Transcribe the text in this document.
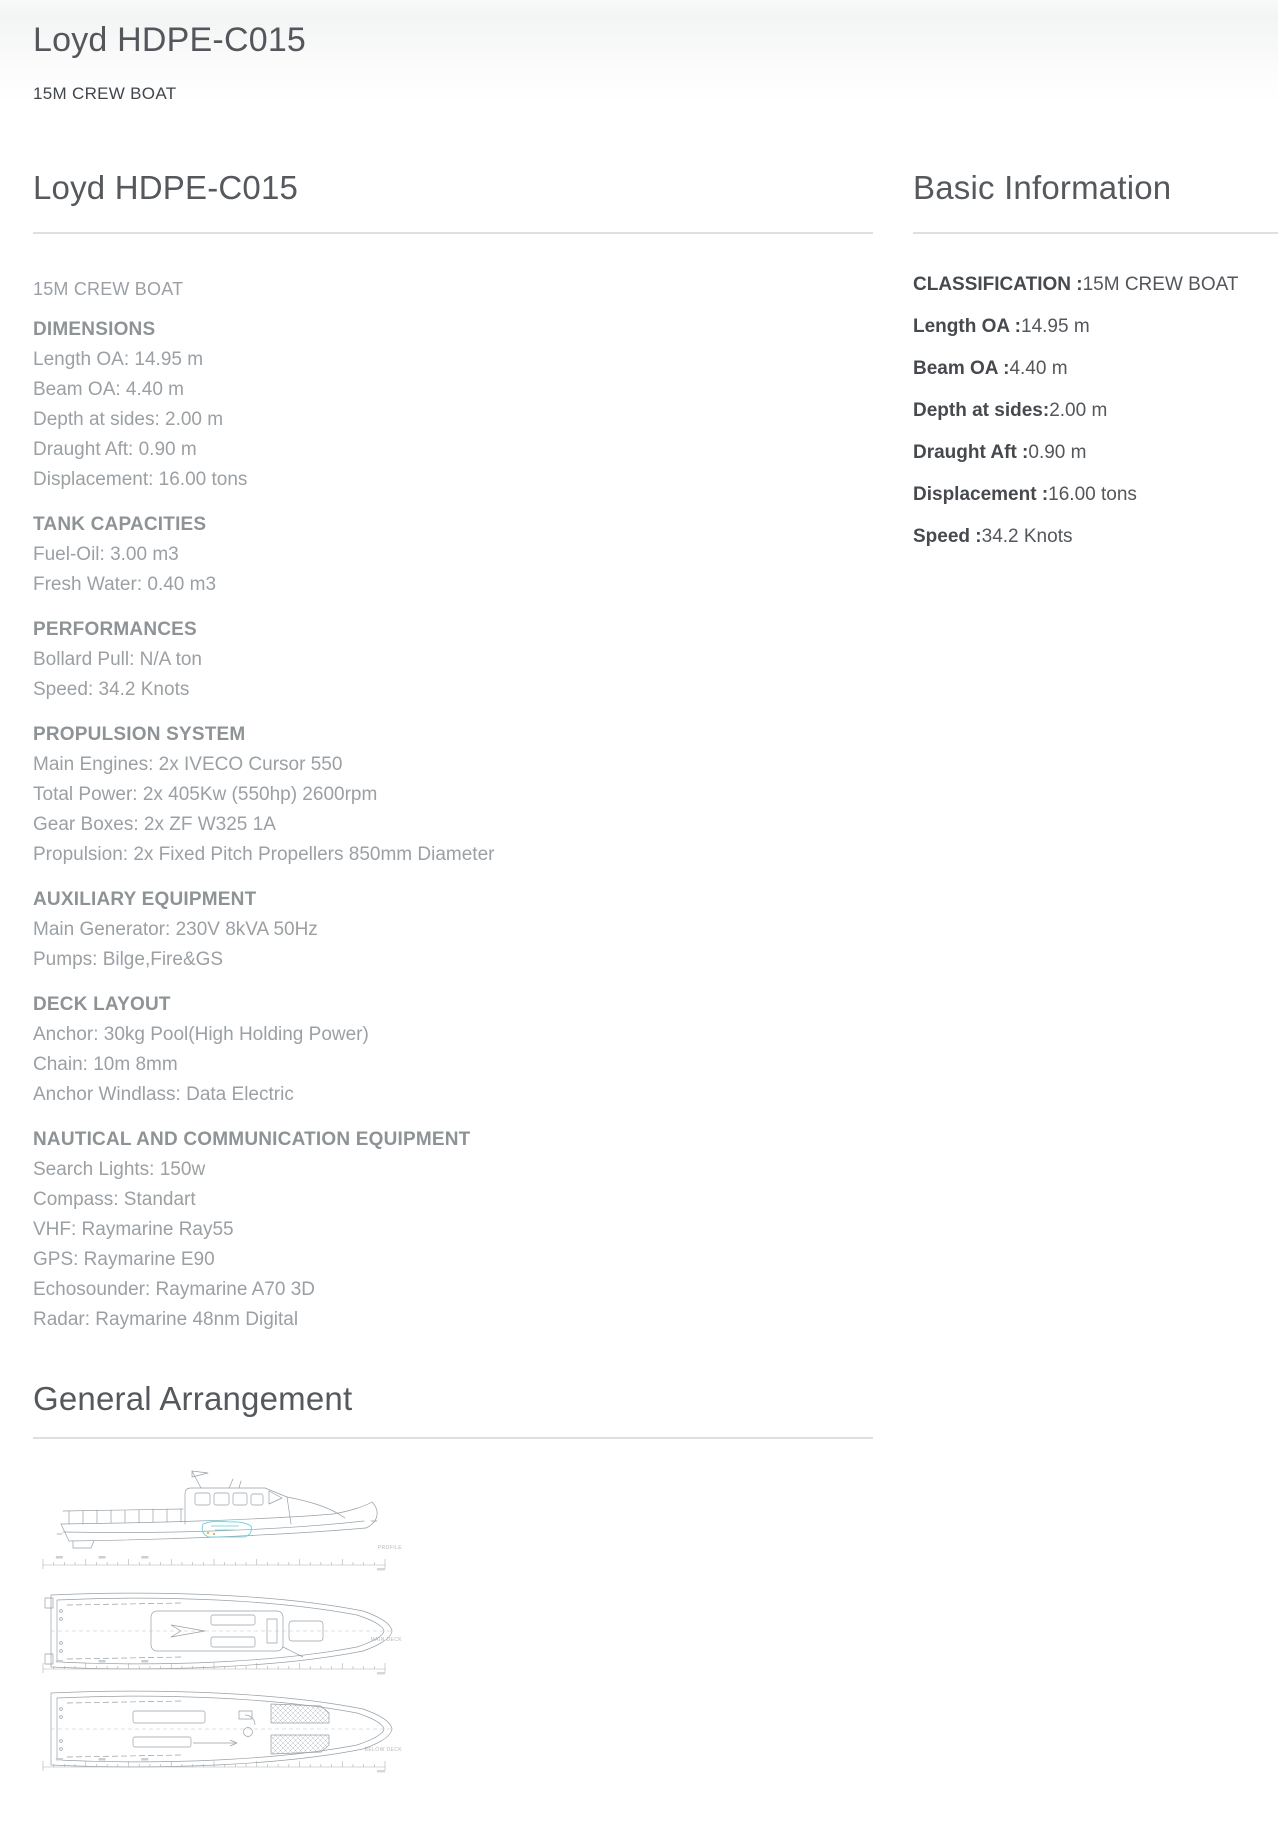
Loyd HDPE-C015
15M CREW BOAT
Loyd HDPE-C015
15M CREW BOAT
DIMENSIONS
Length OA: 14.95 m
Beam OA: 4.40 m
Depth at sides: 2.00 m
Draught Aft: 0.90 m
Displacement: 16.00 tons
TANK CAPACITIES
Fuel-Oil: 3.00 m3
Fresh Water: 0.40 m3
PERFORMANCES
Bollard Pull: N/A ton
Speed: 34.2 Knots
PROPULSION SYSTEM
Main Engines: 2x IVECO Cursor 550
Total Power: 2x 405Kw (550hp) 2600rpm
Gear Boxes: 2x ZF W325 1A
Propulsion: 2x Fixed Pitch Propellers 850mm Diameter
AUXILIARY EQUIPMENT
Main Generator: 230V 8kVA 50Hz
Pumps: Bilge,Fire&GS
DECK LAYOUT
Anchor: 30kg Pool(High Holding Power)
Chain: 10m 8mm
Anchor Windlass: Data Electric
NAUTICAL AND COMMUNICATION EQUIPMENT
Search Lights: 150w
Compass: Standart
VHF: Raymarine Ray55
GPS: Raymarine E90
Echosounder: Raymarine A70 3D
Radar: Raymarine 48nm Digital
Basic Information
CLASSIFICATION :15M CREW BOAT
Length OA :14.95 m
Beam OA :4.40 m
Depth at sides:2.00 m
Draught Aft :0.90 m
Displacement :16.00 tons
Speed :34.2 Knots
General Arrangement
PROFILE
MAIN DECK
BELOW DECK
